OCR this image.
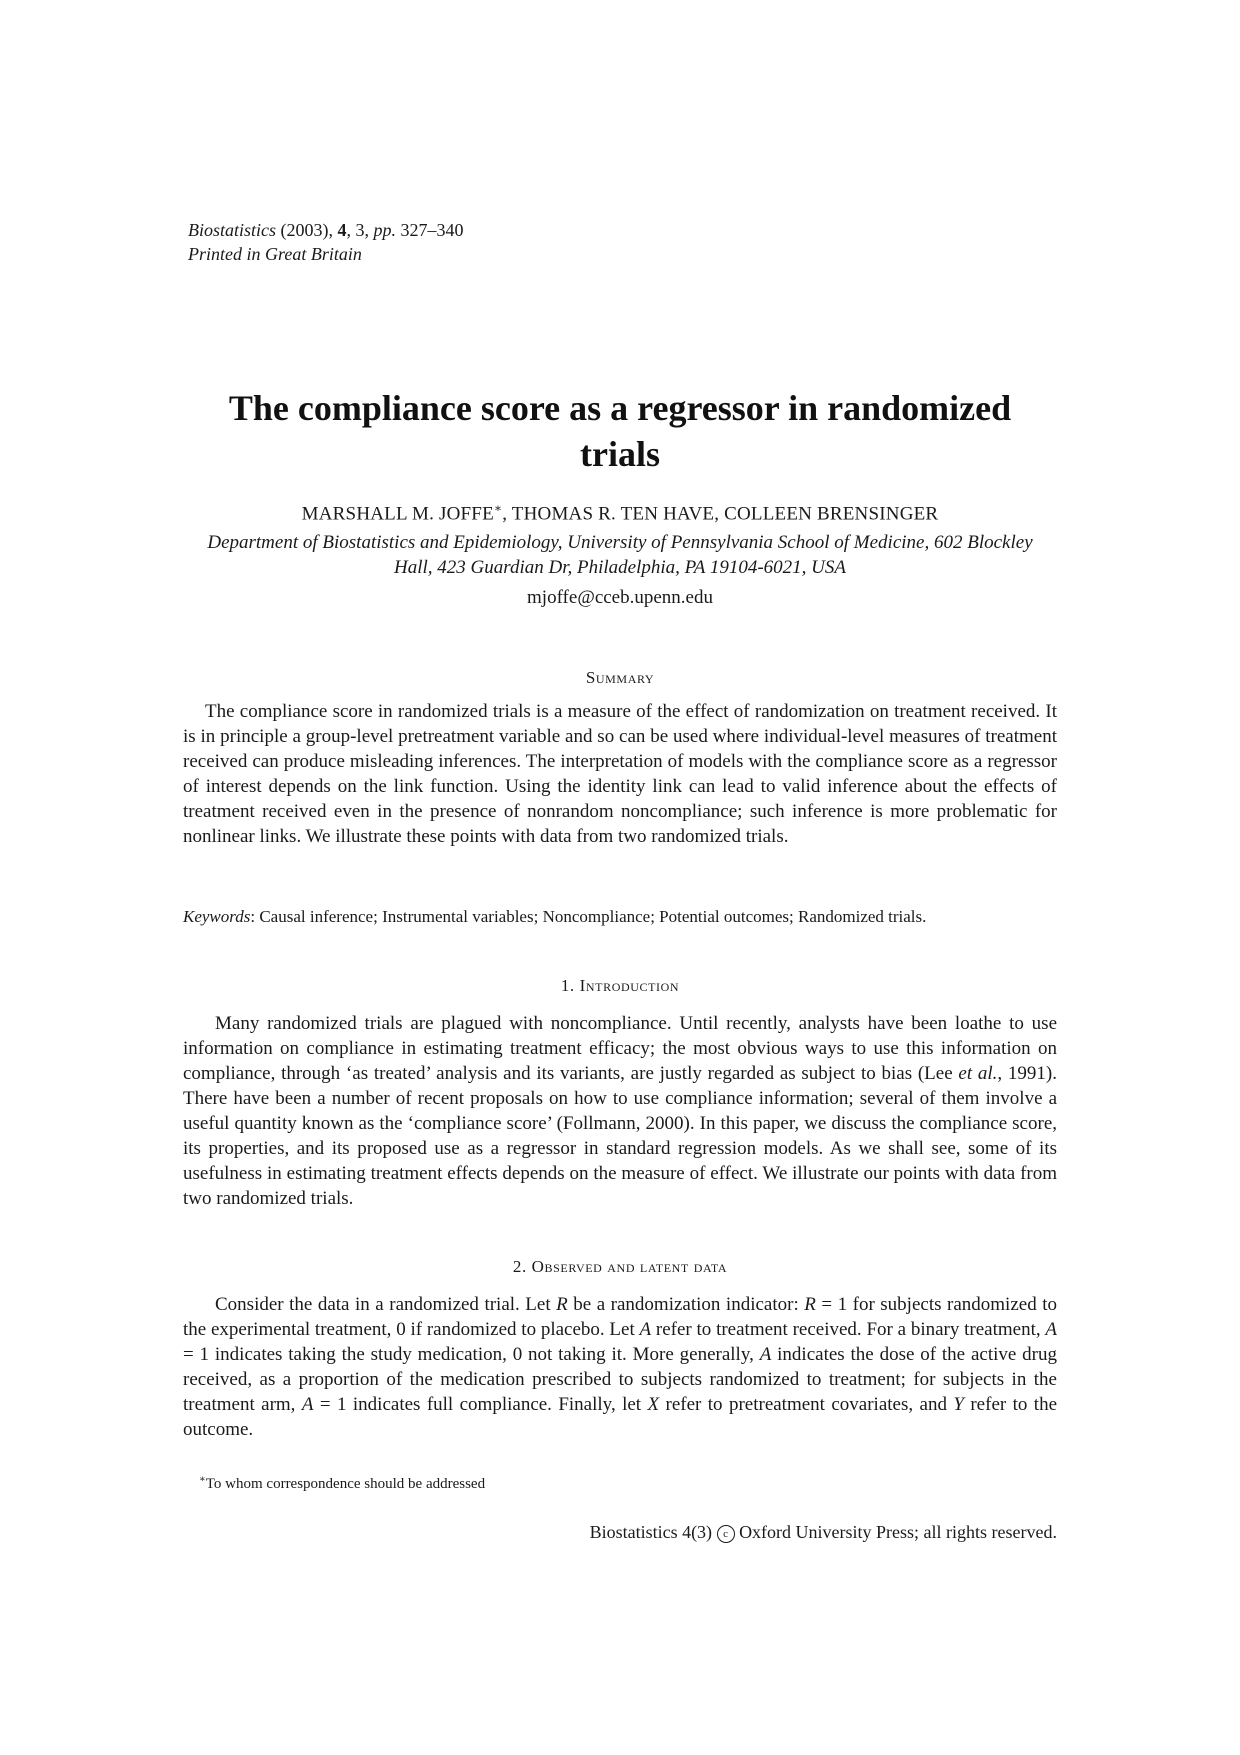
Biostatistics (2003), 4, 3, pp. 327–340
Printed in Great Britain
The compliance score as a regressor in randomized trials
MARSHALL M. JOFFE∗, THOMAS R. TEN HAVE, COLLEEN BRENSINGER
Department of Biostatistics and Epidemiology, University of Pennsylvania School of Medicine, 602 Blockley Hall, 423 Guardian Dr, Philadelphia, PA 19104-6021, USA
mjoffe@cceb.upenn.edu
Summary
The compliance score in randomized trials is a measure of the effect of randomization on treatment received. It is in principle a group-level pretreatment variable and so can be used where individual-level measures of treatment received can produce misleading inferences. The interpretation of models with the compliance score as a regressor of interest depends on the link function. Using the identity link can lead to valid inference about the effects of treatment received even in the presence of nonrandom noncompliance; such inference is more problematic for nonlinear links. We illustrate these points with data from two randomized trials.
Keywords: Causal inference; Instrumental variables; Noncompliance; Potential outcomes; Randomized trials.
1. Introduction
Many randomized trials are plagued with noncompliance. Until recently, analysts have been loathe to use information on compliance in estimating treatment efficacy; the most obvious ways to use this information on compliance, through ‘as treated’ analysis and its variants, are justly regarded as subject to bias (Lee et al., 1991). There have been a number of recent proposals on how to use compliance information; several of them involve a useful quantity known as the ‘compliance score’ (Follmann, 2000). In this paper, we discuss the compliance score, its properties, and its proposed use as a regressor in standard regression models. As we shall see, some of its usefulness in estimating treatment effects depends on the measure of effect. We illustrate our points with data from two randomized trials.
2. Observed and latent data
Consider the data in a randomized trial. Let R be a randomization indicator: R = 1 for subjects randomized to the experimental treatment, 0 if randomized to placebo. Let A refer to treatment received. For a binary treatment, A = 1 indicates taking the study medication, 0 not taking it. More generally, A indicates the dose of the active drug received, as a proportion of the medication prescribed to subjects randomized to treatment; for subjects in the treatment arm, A = 1 indicates full compliance. Finally, let X refer to pretreatment covariates, and Y refer to the outcome.
∗To whom correspondence should be addressed
Biostatistics 4(3) c Oxford University Press; all rights reserved.
